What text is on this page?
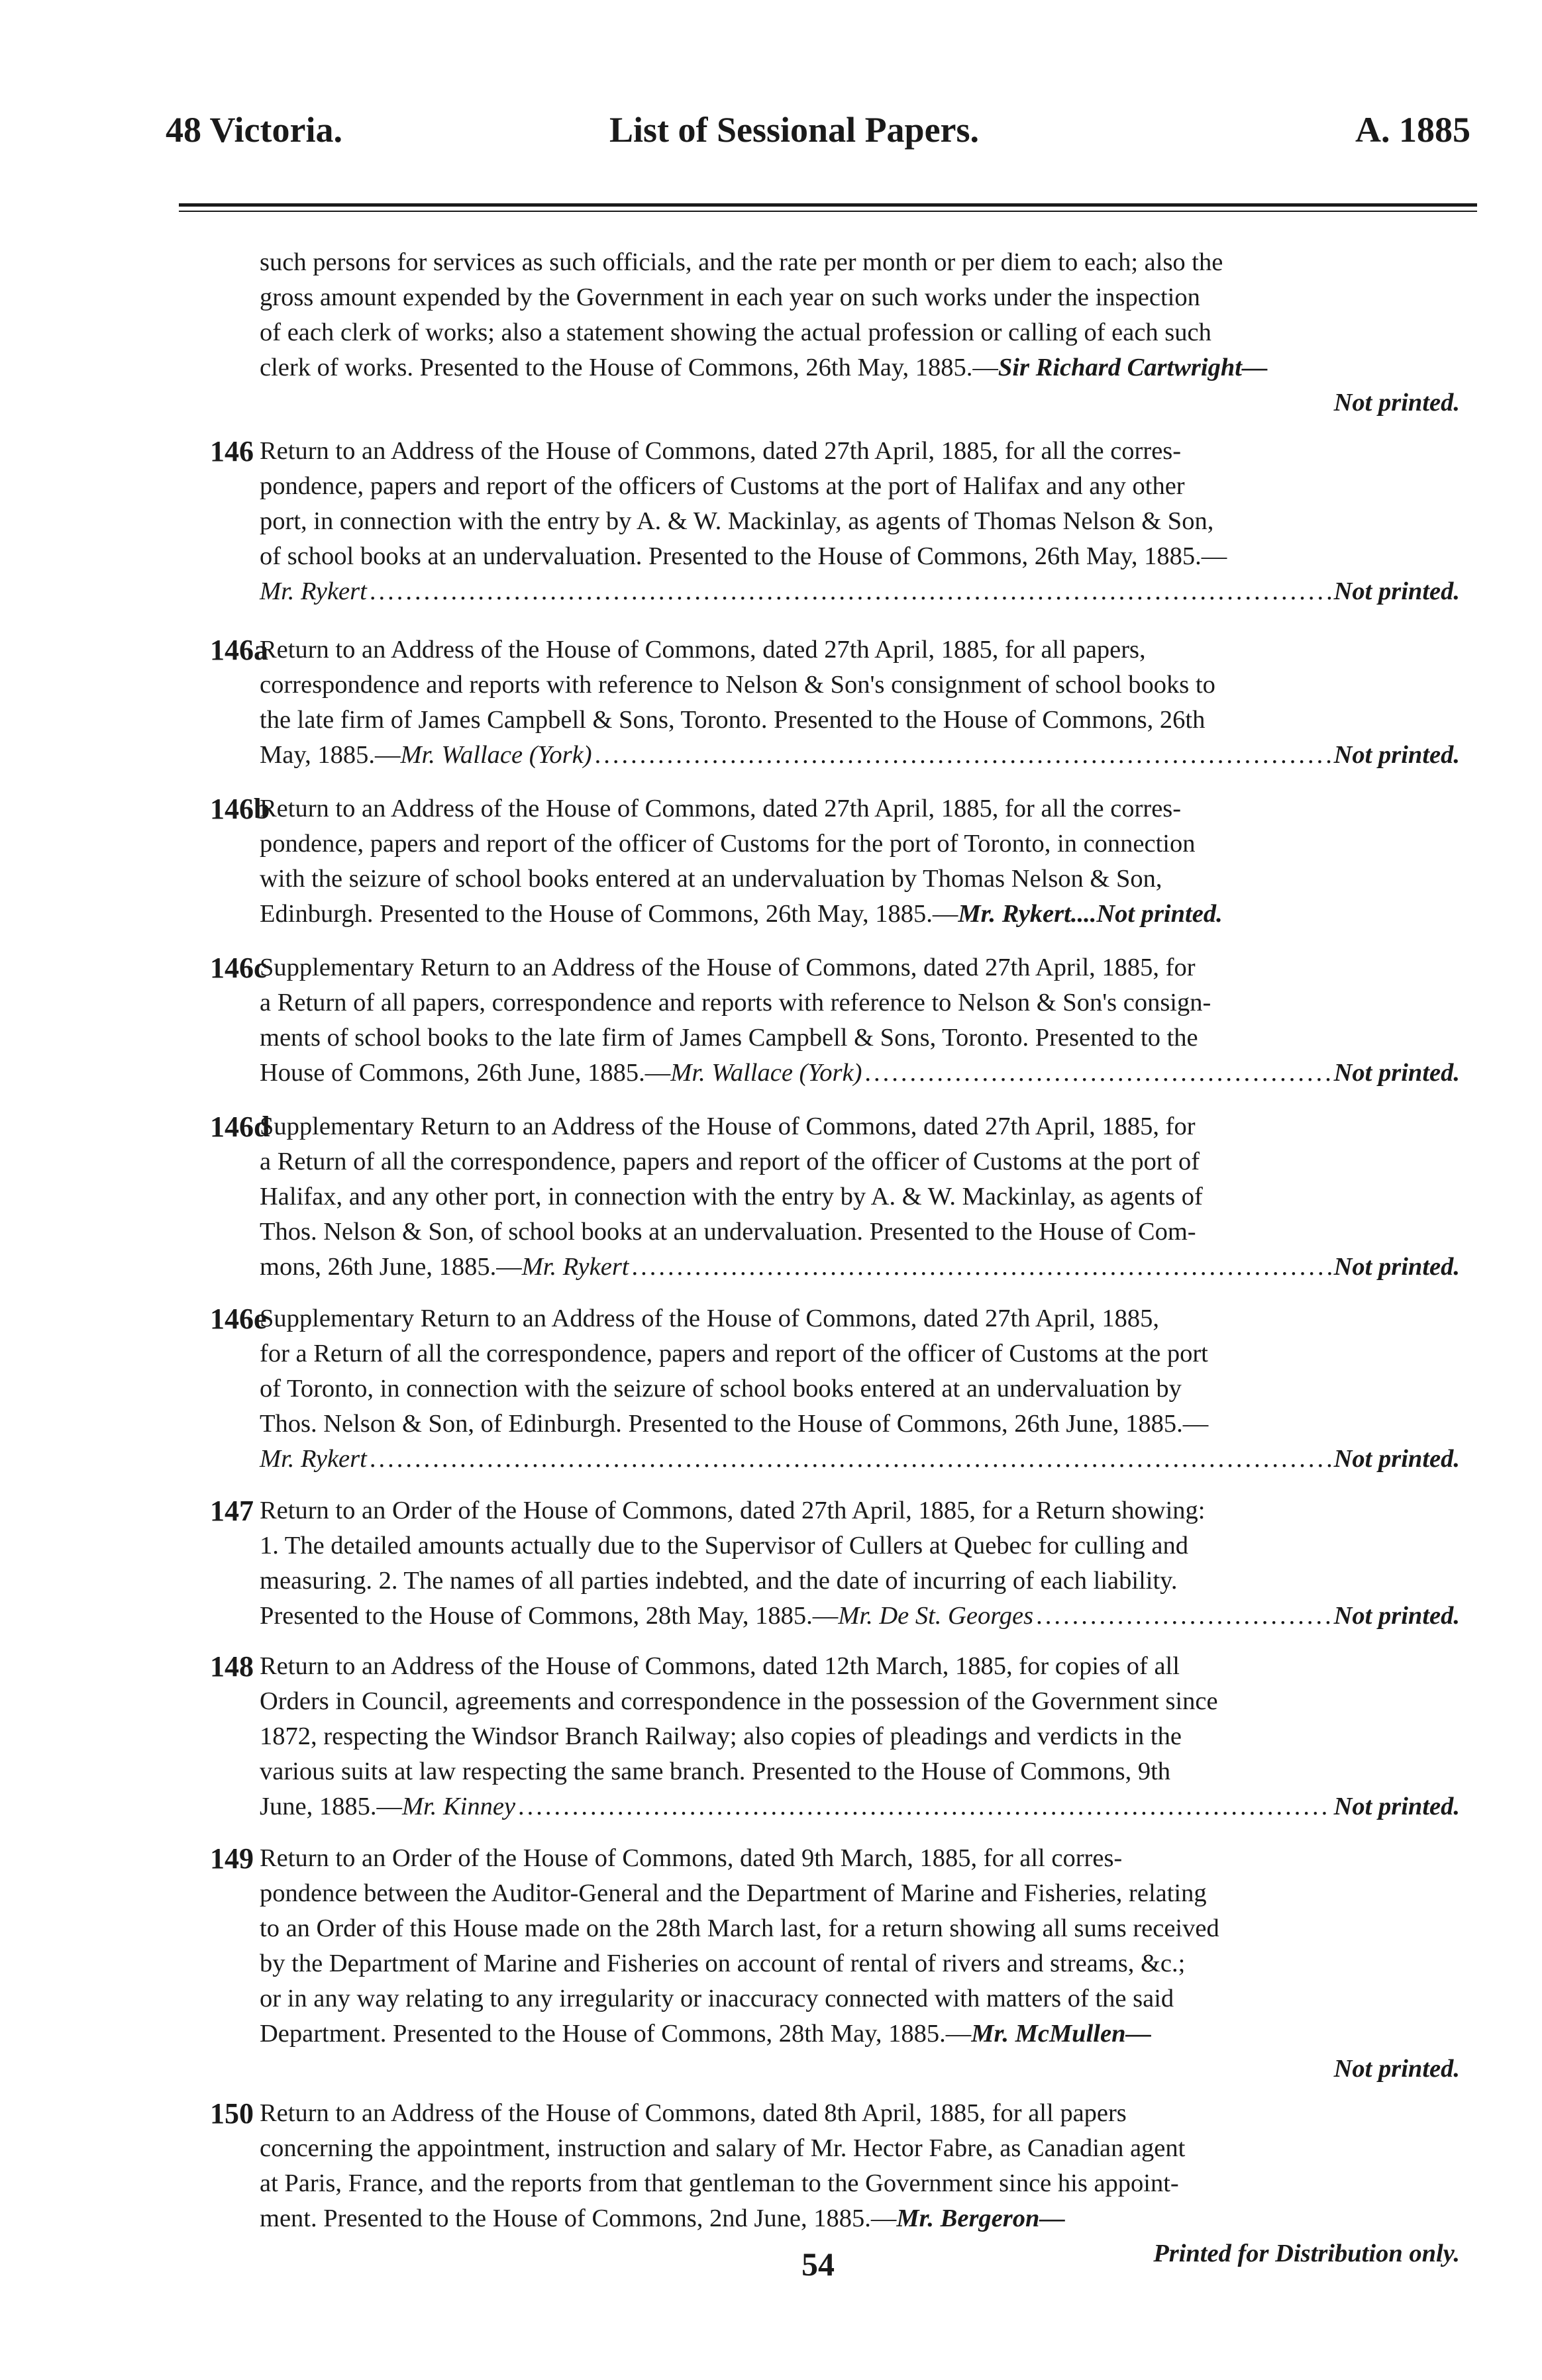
48 Victoria.	List of Sessional Papers.	A. 1885

such persons for services as such officials, and the rate per month or per diem to each; also the

gross amount expended by the Government in each year on such works under the inspection

of each clerk of works; also a statement showing the actual profession or calling of each such

clerk of works. Presented to the House of Commons, 26th May, 1885.—Sir Richard Cartwright—

Not printed.

146 Return to an Address of the House of Commons, dated 27th April, 1885, for all the corres-

pondence, papers and report of the officers of Customs at the port of Halifax and any other

port, in connection with the entry by A. & W. Mackinlay, as agents of Thomas Nelson & Son,

of school books at an undervaluation. Presented to the House of Commons, 26th May, 1885.—

Mr. Rykert .....	Not printed.
146a

Return to an Address of the House of Commons, dated 27th April, 1885, for all papers,

correspondence and reports with reference to Nelson & Son's consignment of school books to

the late firm of James Campbell & Sons, Toronto. Presented to the House of Commons, 26th

May, 1885.— Mr. Wallace (York) .....	Not printed.
146b

Return to an Address of the House of Commons, dated 27th April, 1885, for all the corres-

pondence, papers and report of the officer of Customs for the port of Toronto, in connection

with the seizure of school books entered at an undervaluation by Thomas Nelson & Son,

Edinburgh. Presented to the House of Commons, 26th May, 1885.— Mr. Rykert.... Not printed.
146c

Supplementary Return to an Address of the House of Commons, dated 27th April, 1885, for

a Return of all papers, correspondence and reports with reference to Nelson & Son's consign-

ments of school books to the late firm of James Campbell & Sons, Toronto. Presented to the

House of Commons, 26th June, 1885.— Mr. Wallace (York) .....	Not printed.
146d

Supplementary Return to an Address of the House of Commons, dated 27th April, 1885, for

a Return of all the correspondence, papers and report of the officer of Customs at the port of

Halifax, and any other port, in connection with the entry by A. & W. Mackinlay, as agents of

Thos. Nelson & Son, of school books at an undervaluation. Presented to the House of Com-

mons, 26th June, 1885.— Mr. Rykert .....	Not printed.
146e

Supplementary Return to an Address of the House of Commons, dated 27th April, 1885,

for a Return of all the correspondence, papers and report of the officer of Customs at the port

of Toronto, in connection with the seizure of school books entered at an undervaluation by

Thos. Nelson & Son, of Edinburgh. Presented to the House of Commons, 26th June, 1885.—

Mr. Rykert .....	Not printed.
147 Return to an Order of the House of Commons, dated 27th April, 1885, for a Return showing:

1. The detailed amounts actually due to the Supervisor of Cullers at Quebec for culling and

measuring. 2. The names of all parties indebted, and the date of incurring of each liability.

Presented to the House of Commons, 28th May, 1885.— Mr. De St. Georges .....	Not printed.
148 Return to an Address of the House of Commons, dated 12th March, 1885, for copies of all

Orders in Council, agreements and correspondence in the possession of the Government since

1872, respecting the Windsor Branch Railway; also copies of pleadings and verdicts in the

various suits at law respecting the same branch. Presented to the House of Commons, 9th

June, 1885.— Mr. Kinney .....	Not printed.
149 Return to an Order of the House of Commons, dated 9th March, 1885, for all corres-

pondence between the Auditor-General and the Department of Marine and Fisheries, relating

to an Order of this House made on the 28th March last, for a return showing all sums received

by the Department of Marine and Fisheries on account of rental of rivers and streams, &c.;

or in any way relating to any irregularity or inaccuracy connected with matters of the said

Department. Presented to the House of Commons, 28th May, 1885.—Mr. McMullen—

Not printed.

150 Return to an Address of the House of Commons, dated 8th April, 1885, for all papers

concerning the appointment, instruction and salary of Mr. Hector Fabre, as Canadian agent

at Paris, France, and the reports from that gentleman to the Government since his appoint-

ment. Presented to the House of Commons, 2nd June, 1885.—Mr. Bergeron—

Printed for Distribution only.

54
